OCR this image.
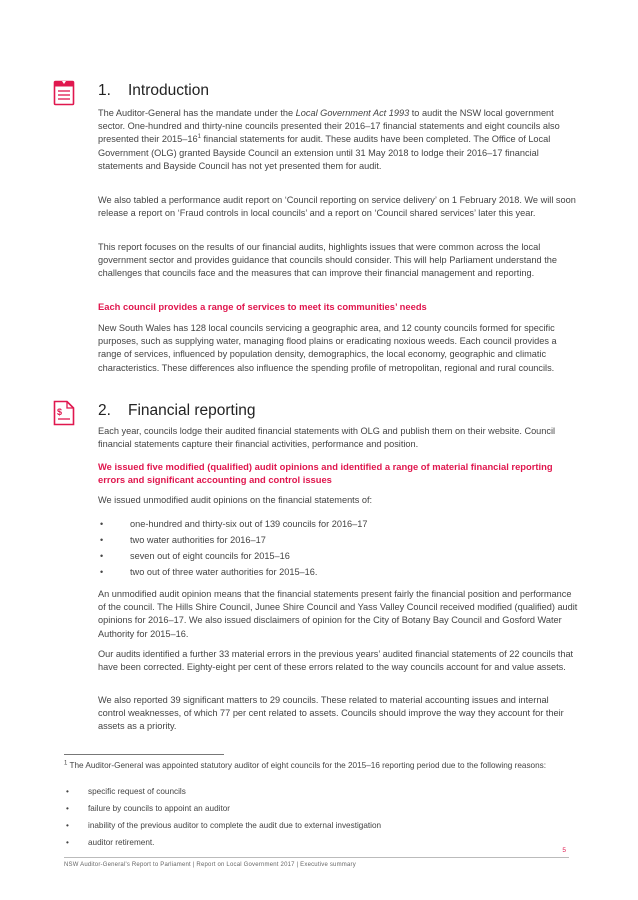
1. Introduction

The Auditor-General has the mandate under the Local Government Act 1993 to audit the NSW local government sector. One-hundred and thirty-nine councils presented their 2016–17 financial statements and eight councils also presented their $2015-16^1$ financial statements for audit. These audits have been completed. The Office of Local Government (OLG) granted Bayside Council an extension until 31 May 2018 to lodge their 2016–17 financial statements and Bayside Council has not yet presented them for audit.

We also tabled a performance audit report on ‘Council reporting on service delivery’ on 1 February 2018. We will soon release a report on ‘Fraud controls in local councils’ and a report on ‘Council shared services’ later this year.

This report focuses on the results of our financial audits, highlights issues that were common across the local government sector and provides guidance that councils should consider. This will help Parliament understand the challenges that councils face and the measures that can improve their financial management and reporting.

Each council provides a range of services to meet its communities’ needs

New South Wales has 128 local councils servicing a geographic area, and 12 county councils formed for specific purposes, such as supplying water, managing flood plains or eradicating noxious weeds. Each council provides a range of services, influenced by population density, demographics, the local economy, geographic and climatic characteristics. These differences also influence the spending profile of metropolitan, regional and rural councils.

$ 2. Financial reporting

Each year, councils lodge their audited financial statements with OLG and publish them on their website. Council financial statements capture their financial activities, performance and position.

We issued five modified (qualified) audit opinions and identified a range of material financial reporting errors and significant accounting and control issues

We issued unmodified audit opinions on the financial statements of:

• one-hundred and thirty-six out of 139 councils for 2016–17
• two water authorities for 2016–17
• seven out of eight councils for 2015–16
• two out of three water authorities for 2015–16.

An unmodified audit opinion means that the financial statements present fairly the financial position and performance of the council. The Hills Shire Council, Junee Shire Council and Yass Valley Council received modified (qualified) audit opinions for 2016–17. We also issued disclaimers of opinion for the City of Botany Bay Council and Gosford Water Authority for 2015–16.

Our audits identified a further 33 material errors in the previous years’ audited financial statements of 22 councils that have been corrected. Eighty-eight per cent of these errors related to the way councils account for and value assets.

We also reported 39 significant matters to 29 councils. These related to material accounting issues and internal control weaknesses, of which 77 per cent related to assets. Councils should improve the way they account for their assets as a priority.

$^1$ The Auditor-General was appointed statutory auditor of eight councils for the 2015–16 reporting period due to the following reasons:

• specific request of councils
• failure by councils to appoint an auditor
• inability of the previous auditor to complete the audit due to external investigation
• auditor retirement.
5
NSW Auditor-General's Report to Parliament | Report on Local Government 2017 | Executive summary
